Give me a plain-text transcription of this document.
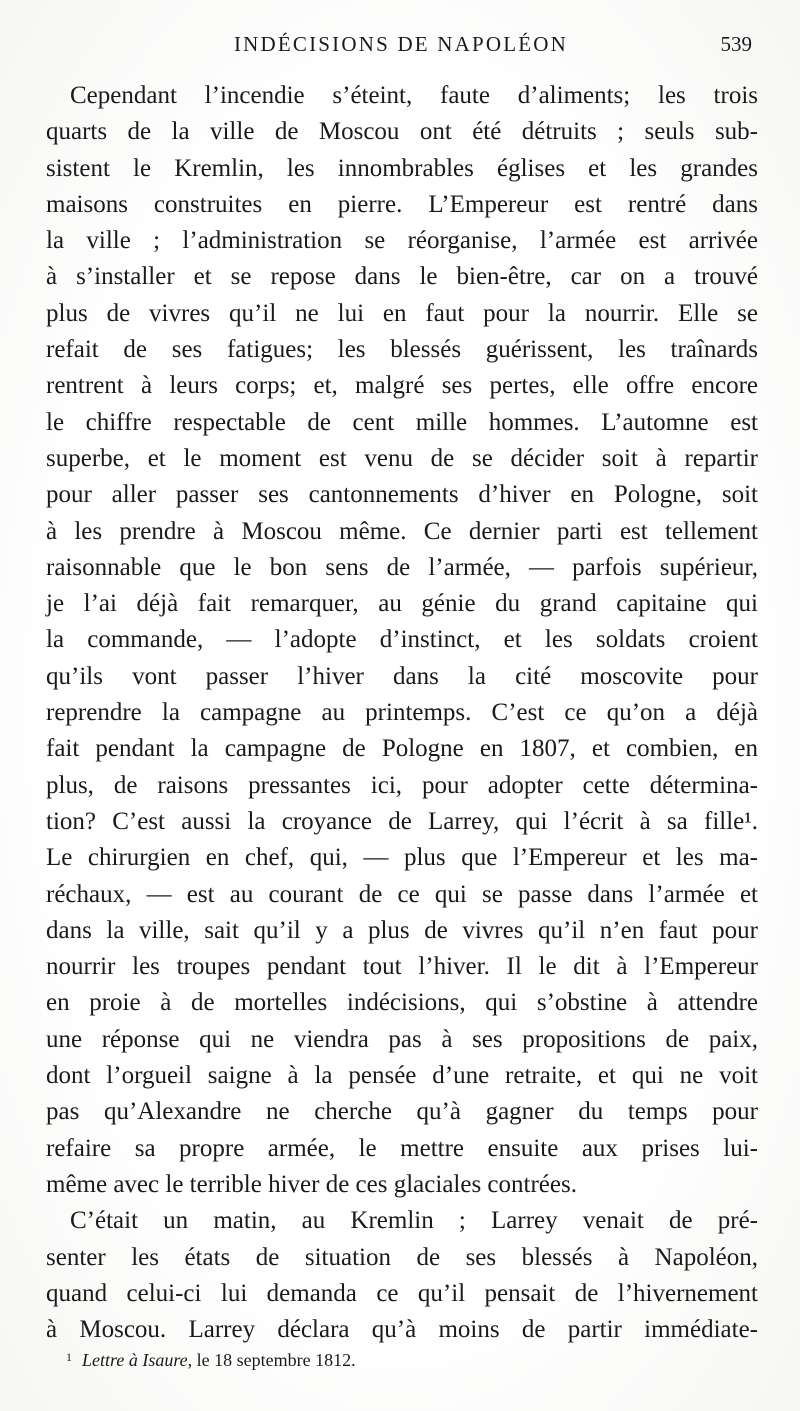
INDÉCISIONS DE NAPOLÉON	539
Cependant l’incendie s’éteint, faute d’aliments; les trois
quarts de la ville de Moscou ont été détruits ; seuls sub-
sistent le Kremlin, les innombrables églises et les grandes
maisons construites en pierre. L’Empereur est rentré dans
la ville ; l’administration se réorganise, l’armée est arrivée
à s’installer et se repose dans le bien-être, car on a trouvé
plus de vivres qu’il ne lui en faut pour la nourrir. Elle se
refait de ses fatigues; les blessés guérissent, les traînards
rentrent à leurs corps; et, malgré ses pertes, elle offre encore
le chiffre respectable de cent mille hommes. L’automne est
superbe, et le moment est venu de se décider soit à repartir
pour aller passer ses cantonnements d’hiver en Pologne, soit
à les prendre à Moscou même. Ce dernier parti est tellement
raisonnable que le bon sens de l’armée, — parfois supérieur,
je l’ai déjà fait remarquer, au génie du grand capitaine qui
la commande, — l’adopte d’instinct, et les soldats croient
qu’ils vont passer l’hiver dans la cité moscovite pour
reprendre la campagne au printemps. C’est ce qu’on a déjà
fait pendant la campagne de Pologne en 1807, et combien, en
plus, de raisons pressantes ici, pour adopter cette détermina-
tion? C’est aussi la croyance de Larrey, qui l’écrit à sa fille¹.
Le chirurgien en chef, qui, — plus que l’Empereur et les ma-
réchaux, — est au courant de ce qui se passe dans l’armée et
dans la ville, sait qu’il y a plus de vivres qu’il n’en faut pour
nourrir les troupes pendant tout l’hiver. Il le dit à l’Empereur
en proie à de mortelles indécisions, qui s’obstine à attendre
une réponse qui ne viendra pas à ses propositions de paix,
dont l’orgueil saigne à la pensée d’une retraite, et qui ne voit
pas qu’Alexandre ne cherche qu’à gagner du temps pour
refaire sa propre armée, le mettre ensuite aux prises lui-
même avec le terrible hiver de ces glaciales contrées.
C’était un matin, au Kremlin ; Larrey venait de pré-
senter les états de situation de ses blessés à Napoléon,
quand celui-ci lui demanda ce qu’il pensait de l’hivernement
à Moscou. Larrey déclara qu’à moins de partir immédiate-
$^1$ Lettre à Isaure, le 18 septembre 1812.
